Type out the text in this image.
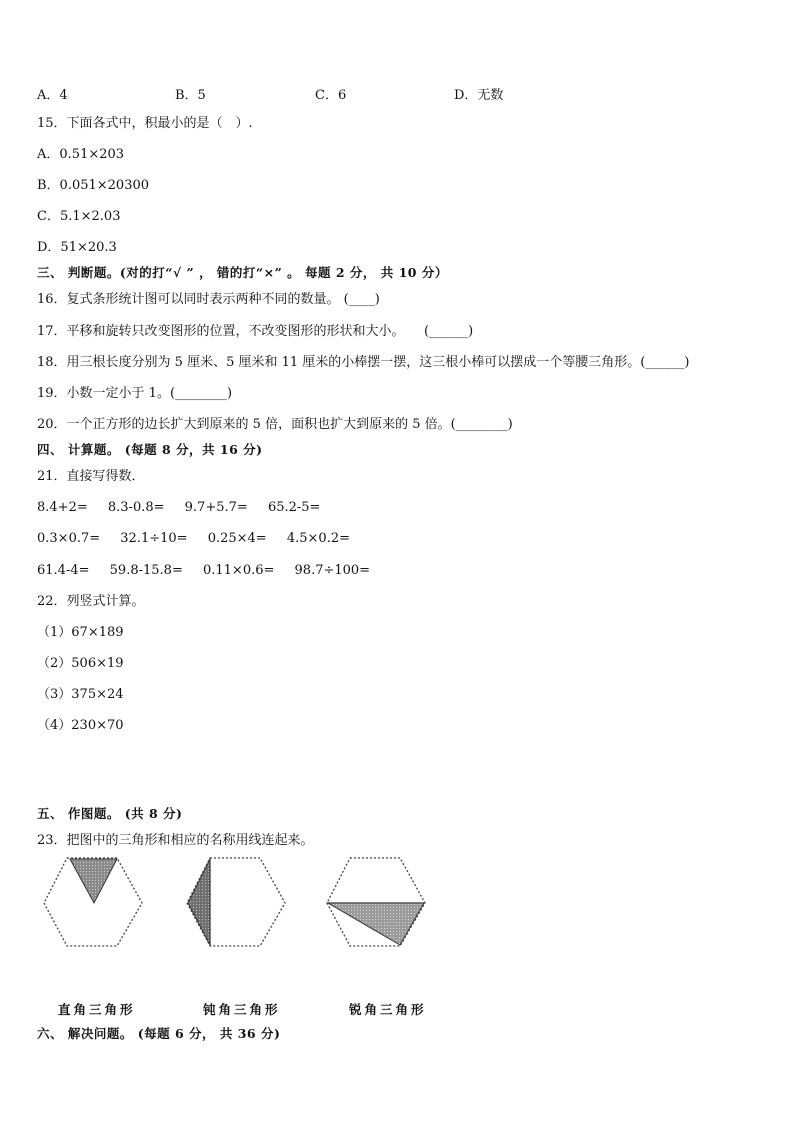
A．4	B．5	C．6	D．无数
15．下面各式中，积最小的是（　）.
A．0.51×203
B．0.051×20300
C．5.1×2.03
D．51×20.3
三、 判断题。(对的打“√ ” ， 错的打“×” 。 每题 2 分， 共 10 分）
16．复式条形统计图可以同时表示两种不同的数量。 (____)
17．平移和旋转只改变图形的位置，不改变图形的形状和大小。　　(______)
18．用三根长度分别为 5 厘米、5 厘米和 11 厘米的小棒摆一摆，这三根小棒可以摆成一个等腰三角形。(______)
19．小数一定小于 1。(________)
20．一个正方形的边长扩大到原来的 5 倍，面积也扩大到原来的 5 倍。(________)
四、 计算题。 (每题 8 分，共 16 分)
21．直接写得数．
8.4+2= 8.3-0.8= 9.7+5.7= 65.2-5=
0.3×0.7= 32.1÷10= 0.25×4= 4.5×0.2=
61.4-4= 59.8-15.8= 0.11×0.6= 98.7÷100=
22．列竖式计算。
（1）67×189
（2）506×19
（3）375×24
（4）230×70
五、 作图题。 (共 8 分)
23．把图中的三角形和相应的名称用线连起来。
直角三角形	钝角三角形	锐角三角形
六、 解决问题。 (每题 6 分， 共 36 分)
